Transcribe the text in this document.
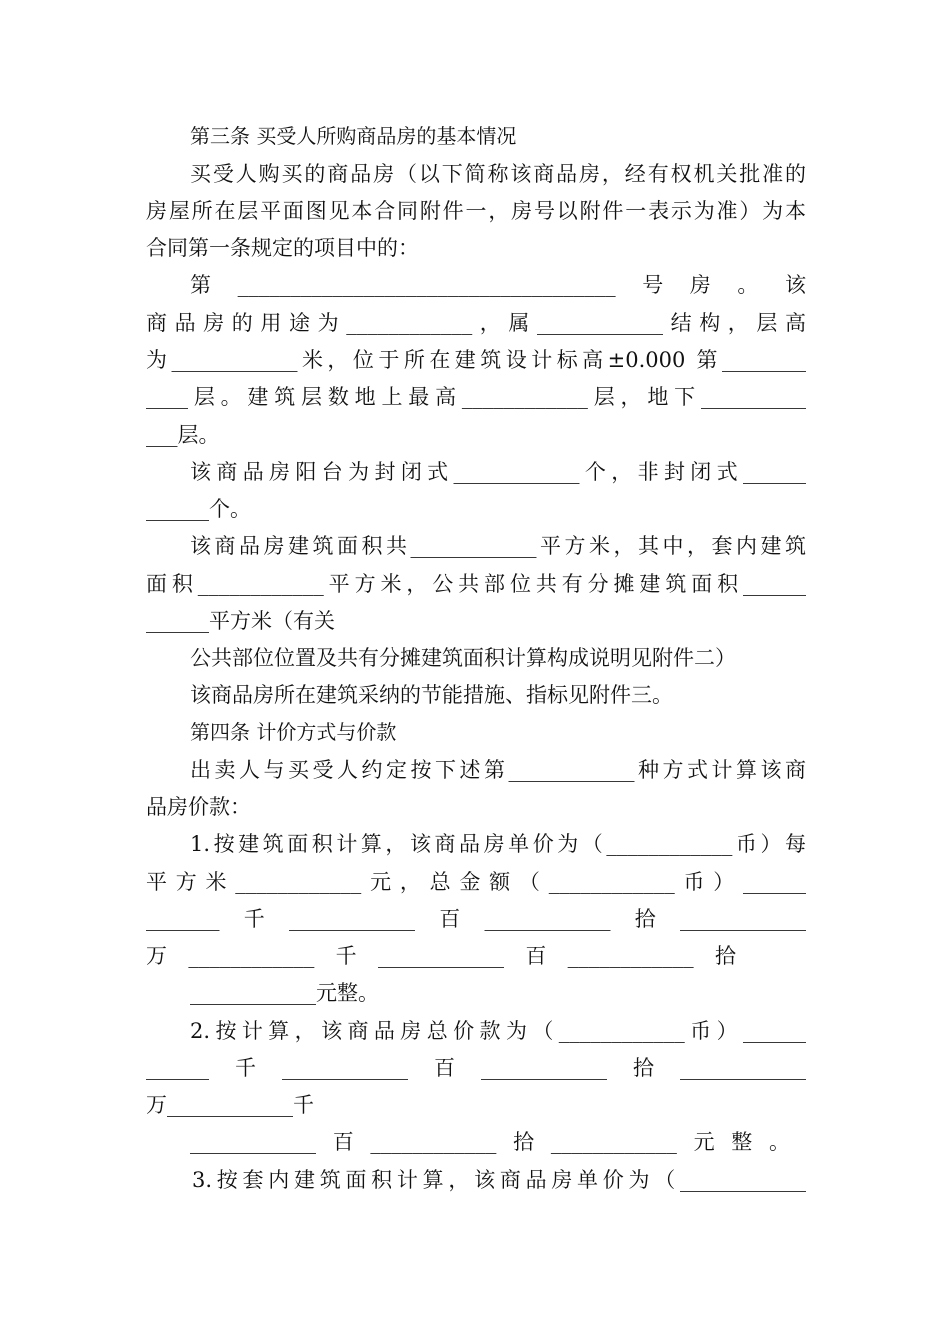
第三条 买受人所购商品房的基本情况

买受人购买的商品房（以下简称该商品房，经有权机关批准的

房屋所在层平面图见本合同附件一，房号以附件一表示为准）为本

合同第一条规定的项目中的：

第____________________________________号房。该

商品房的用途为____________，属____________结构，层高

为____________米，位于所在建筑设计标高±0.000 第________

____层。建筑层数地上最高____________层，地下__________

___层。

该商品房阳台为封闭式____________个，非封闭式______

______个。

该商品房建筑面积共____________平方米，其中，套内建筑

面积____________平方米，公共部位共有分摊建筑面积______

______平方米（有关

公共部位位置及共有分摊建筑面积计算构成说明见附件二）

该商品房所在建筑采纳的节能措施、指标见附件三。

第四条 计价方式与价款

出卖人与买受人约定按下述第____________种方式计算该商

品房价款：

1.按建筑面积计算，该商品房单价为（____________币）每

平方米____________元，总金额（____________币）______

_______千____________百____________拾____________

万____________千____________百____________拾

____________元整。

2.按计算，该商品房总价款为（____________币）______

______千____________百____________拾____________

万____________千

____________百____________拾____________元整。

3.按套内建筑面积计算，该商品房单价为（____________
